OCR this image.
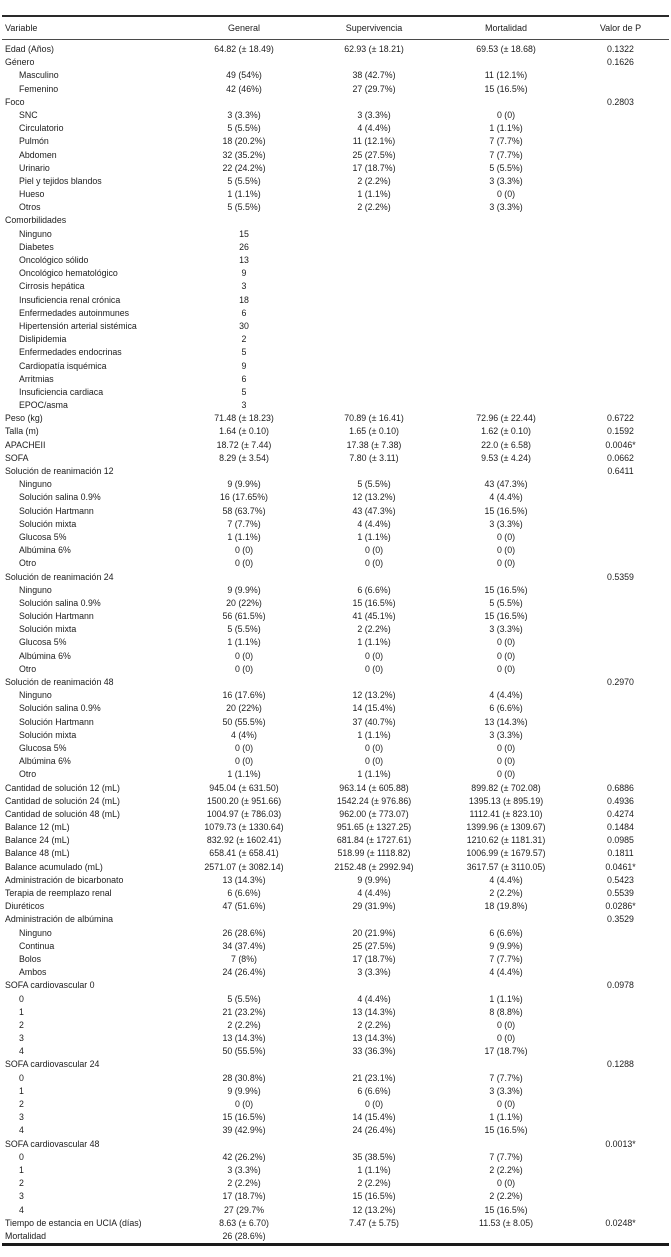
Variable	General	Supervivencia	Mortalidad	Valor de P
Edad (Años)	64.82 (± 18.49)	62.93 (± 18.21)	69.53 (± 18.68)	0.1322
Género				0.1626
Masculino	49 (54%)	38 (42.7%)	11 (12.1%)	
Femenino	42 (46%)	27 (29.7%)	15 (16.5%)	
Foco				0.2803
SNC	3 (3.3%)	3 (3.3%)	0 (0)	
Circulatorio	5 (5.5%)	4 (4.4%)	1 (1.1%)	
Pulmón	18 (20.2%)	11 (12.1%)	7 (7.7%)	
Abdomen	32 (35.2%)	25 (27.5%)	7 (7.7%)	
Urinario	22 (24.2%)	17 (18.7%)	5 (5.5%)	
Piel y tejidos blandos	5 (5.5%)	2 (2.2%)	3 (3.3%)	
Hueso	1 (1.1%)	1 (1.1%)	0 (0)	
Otros	5 (5.5%)	2 (2.2%)	3 (3.3%)	
Comorbilidades				
Ninguno	15			
Diabetes	26			
Oncológico sólido	13			
Oncológico hematológico	9			
Cirrosis hepática	3			
Insuficiencia renal crónica	18			
Enfermedades autoinmunes	6			
Hipertensión arterial sistémica	30			
Dislipidemia	2			
Enfermedades endocrinas	5			
Cardiopatía isquémica	9			
Arritmias	6			
Insuficiencia cardiaca	5			
EPOC/asma	3			
Peso (kg)	71.48 (± 18.23)	70.89 (± 16.41)	72.96 (± 22.44)	0.6722
Talla (m)	1.64 (± 0.10)	1.65 (± 0.10)	1.62 (± 0.10)	0.1592
APACHEII	18.72 (± 7.44)	17.38 (± 7.38)	22.0 (± 6.58)	0.0046*
SOFA	8.29 (± 3.54)	7.80 (± 3.11)	9.53 (± 4.24)	0.0662
Solución de reanimación 12				0.6411
Ninguno	9 (9.9%)	5 (5.5%)	43 (47.3%)	
Solución salina 0.9%	16 (17.65%)	12 (13.2%)	4 (4.4%)	
Solución Hartmann	58 (63.7%)	43 (47.3%)	15 (16.5%)	
Solución mixta	7 (7.7%)	4 (4.4%)	3 (3.3%)	
Glucosa 5%	1 (1.1%)	1 (1.1%)	0 (0)	
Albúmina 6%	0 (0)	0 (0)	0 (0)	
Otro	0 (0)	0 (0)	0 (0)	
Solución de reanimación 24				0.5359
Ninguno	9 (9.9%)	6 (6.6%)	15 (16.5%)	
Solución salina 0.9%	20 (22%)	15 (16.5%)	5 (5.5%)	
Solución Hartmann	56 (61.5%)	41 (45.1%)	15 (16.5%)	
Solución mixta	5 (5.5%)	2 (2.2%)	3 (3.3%)	
Glucosa 5%	1 (1.1%)	1 (1.1%)	0 (0)	
Albúmina 6%	0 (0)	0 (0)	0 (0)	
Otro	0 (0)	0 (0)	0 (0)	
Solución de reanimación 48				0.2970
Ninguno	16 (17.6%)	12 (13.2%)	4 (4.4%)	
Solución salina 0.9%	20 (22%)	14 (15.4%)	6 (6.6%)	
Solución Hartmann	50 (55.5%)	37 (40.7%)	13 (14.3%)	
Solución mixta	4 (4%)	1 (1.1%)	3 (3.3%)	
Glucosa 5%	0 (0)	0 (0)	0 (0)	
Albúmina 6%	0 (0)	0 (0)	0 (0)	
Otro	1 (1.1%)	1 (1.1%)	0 (0)	
Cantidad de solución 12 (mL)	945.04 (± 631.50)	963.14 (± 605.88)	899.82 (± 702.08)	0.6886
Cantidad de solución 24 (mL)	1500.20 (± 951.66)	1542.24 (± 976.86)	1395.13 (± 895.19)	0.4936
Cantidad de solución 48 (mL)	1004.97 (± 786.03)	962.00 (± 773.07)	1112.41 (± 823.10)	0.4274
Balance 12 (mL)	1079.73 (± 1330.64)	951.65 (± 1327.25)	1399.96 (± 1309.67)	0.1484
Balance 24 (mL)	832.92 (± 1602.41)	681.84 (± 1727.61)	1210.62 (± 1181.31)	0.0985
Balance 48 (mL)	658.41 (± 658.41)	518.99 (± 1118.82)	1006.99 (± 1679.57)	0.1811
Balance acumulado (mL)	2571.07 (± 3082.14)	2152.48 (± 2992.94)	3617.57 (± 3110.05)	0.0461*
Administración de bicarbonato	13 (14.3%)	9 (9.9%)	4 (4.4%)	0.5423
Terapia de reemplazo renal	6 (6.6%)	4 (4.4%)	2 (2.2%)	0.5539
Diuréticos	47 (51.6%)	29 (31.9%)	18 (19.8%)	0.0286*
Administración de albúmina				0.3529
Ninguno	26 (28.6%)	20 (21.9%)	6 (6.6%)	
Continua	34 (37.4%)	25 (27.5%)	9 (9.9%)	
Bolos	7 (8%)	17 (18.7%)	7 (7.7%)	
Ambos	24 (26.4%)	3 (3.3%)	4 (4.4%)	
SOFA cardiovascular 0				0.0978
0	5 (5.5%)	4 (4.4%)	1 (1.1%)	
1	21 (23.2%)	13 (14.3%)	8 (8.8%)	
2	2 (2.2%)	2 (2.2%)	0 (0)	
3	13 (14.3%)	13 (14.3%)	0 (0)	
4	50 (55.5%)	33 (36.3%)	17 (18.7%)	
SOFA cardiovascular 24				0.1288
0	28 (30.8%)	21 (23.1%)	7 (7.7%)	
1	9 (9.9%)	6 (6.6%)	3 (3.3%)	
2	0 (0)	0 (0)	0 (0)	
3	15 (16.5%)	14 (15.4%)	1 (1.1%)	
4	39 (42.9%)	24 (26.4%)	15 (16.5%)	
SOFA cardiovascular 48				0.0013*
0	42 (26.2%)	35 (38.5%)	7 (7.7%)	
1	3 (3.3%)	1 (1.1%)	2 (2.2%)	
2	2 (2.2%)	2 (2.2%)	0 (0)	
3	17 (18.7%)	15 (16.5%)	2 (2.2%)	
4	27 (29.7%	12 (13.2%)	15 (16.5%)	
Tiempo de estancia en UCIA (días)	8.63 (± 6.70)	7.47 (± 5.75)	11.53 (± 8.05)	0.0248*
Mortalidad	26 (28.6%)			
